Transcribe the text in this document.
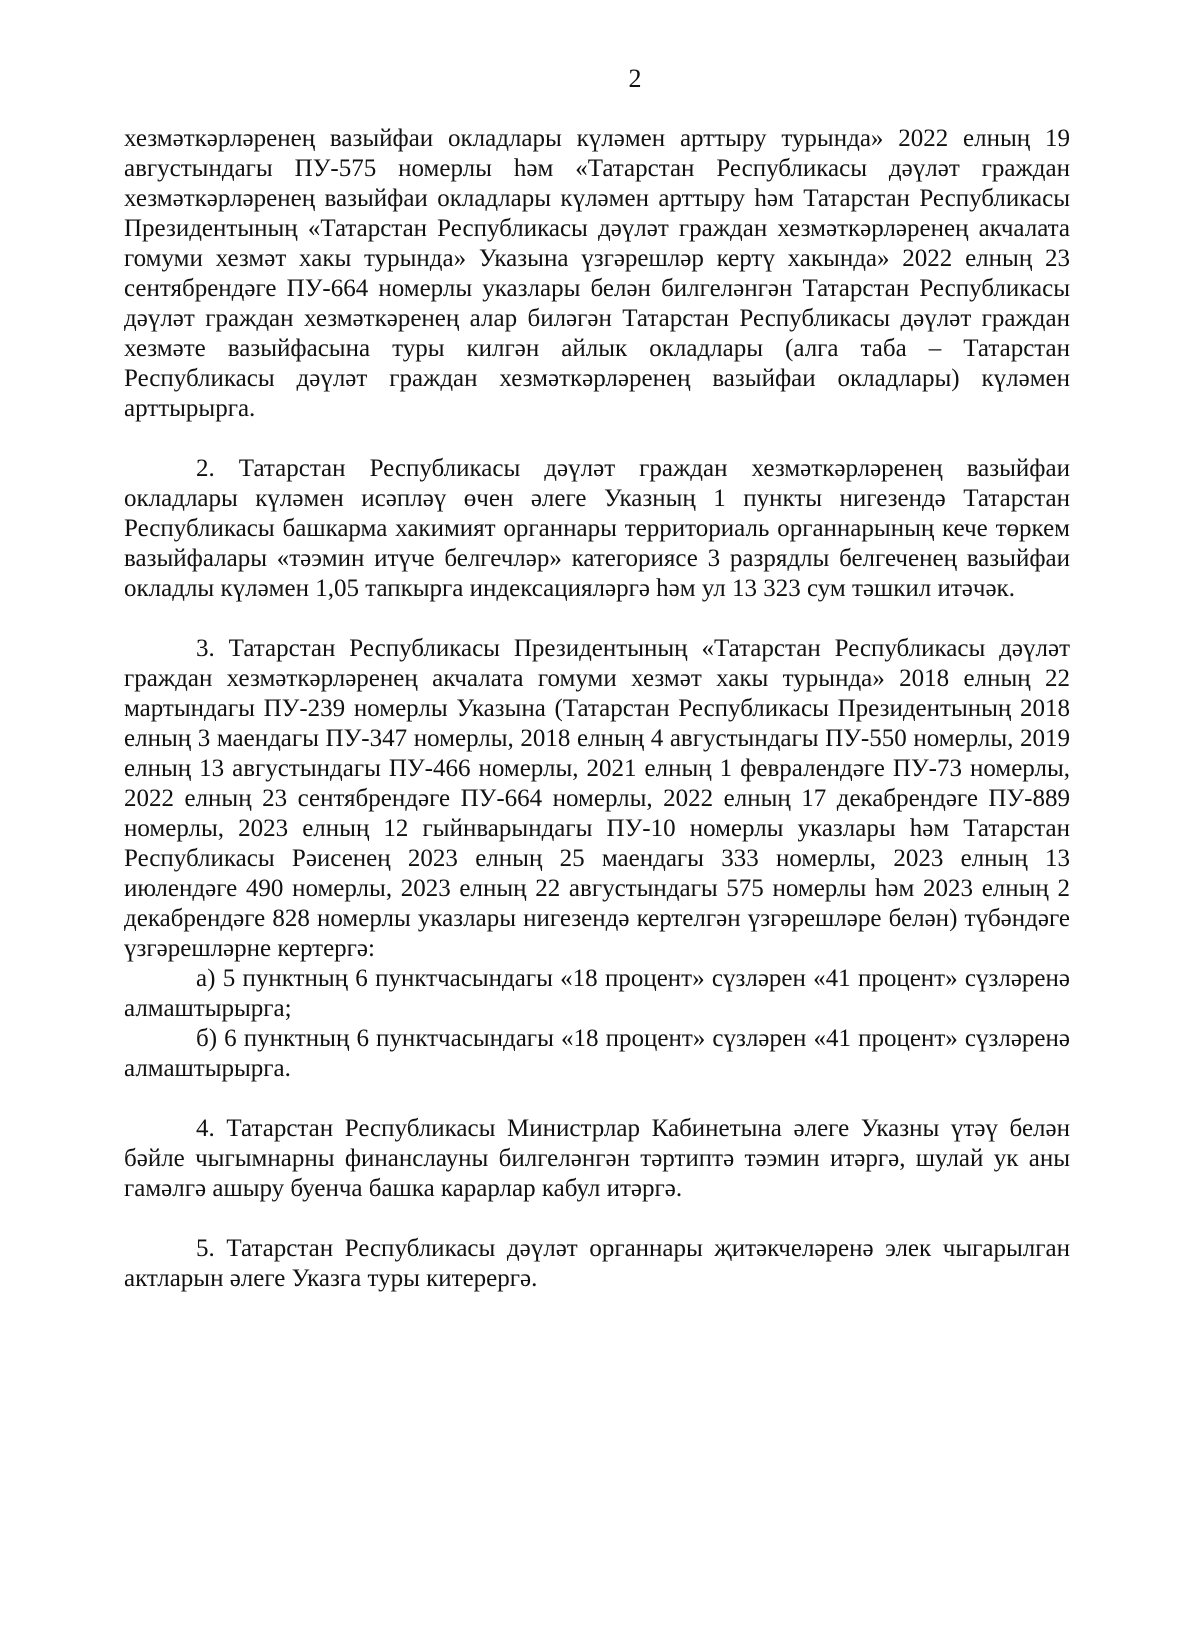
2

хезмәткәрләренең вазыйфаи окладлары күләмен арттыру турында» 2022 елның 19 августындагы ПУ-575 номерлы һәм «Татарстан Республикасы дәүләт граждан хезмәткәрләренең вазыйфаи окладлары күләмен арттыру һәм Татарстан Республикасы Президентының «Татарстан Республикасы дәүләт граждан хезмәткәрләренең акчалата гомуми хезмәт хакы турында» Указына үзгәрешләр кертү хакында» 2022 елның 23 сентябрендәге ПУ-664 номерлы указлары белән билгеләнгән Татарстан Республикасы дәүләт граждан хезмәткәренең алар биләгән Татарстан Республикасы дәүләт граждан хезмәте вазыйфасына туры килгән айлык окладлары (алга таба – Татарстан Республикасы дәүләт граждан хезмәткәрләренең вазыйфаи окладлары) күләмен арттырырга.

2. Татарстан Республикасы дәүләт граждан хезмәткәрләренең вазыйфаи окладлары күләмен исәпләү өчен әлеге Указның 1 пункты нигезендә Татарстан Республикасы башкарма хакимият органнары территориаль органнарының кече төркем вазыйфалары «тәэмин итүче белгечләр» категориясе 3 разрядлы белгеченең вазыйфаи окладлы күләмен 1,05 тапкырга индексацияләргә һәм ул 13 323 сум тәшкил итәчәк.

3. Татарстан Республикасы Президентының «Татарстан Республикасы дәүләт граждан хезмәткәрләренең акчалата гомуми хезмәт хакы турында» 2018 елның 22 мартындагы ПУ-239 номерлы Указына (Татарстан Республикасы Президентының 2018 елның 3 маендагы ПУ-347 номерлы, 2018 елның 4 августындагы ПУ-550 номерлы, 2019 елның 13 августындагы ПУ-466 номерлы, 2021 елның 1 февралендәге ПУ-73 номерлы, 2022 елның 23 сентябрендәге ПУ-664 номерлы, 2022 елның 17 декабрендәге ПУ-889 номерлы, 2023 елның 12 гыйнварындагы ПУ-10 номерлы указлары һәм Татарстан Республикасы Рәисенең 2023 елның 25 маендагы 333 номерлы, 2023 елның 13 июлендәге 490 номерлы, 2023 елның 22 августындагы 575 номерлы һәм 2023 елның 2 декабрендәге 828 номерлы указлары нигезендә кертелгән үзгәрешләре белән) түбәндәге үзгәрешләрне кертергә:

а) 5 пунктның 6 пунктчасындагы «18 процент» сүзләрен «41 процент» сүзләренә алмаштырырга;

б) 6 пунктның 6 пунктчасындагы «18 процент» сүзләрен «41 процент» сүзләренә алмаштырырга.

4. Татарстан Республикасы Министрлар Кабинетына әлеге Указны үтәү белән бәйле чыгымнарны финанслауны билгеләнгән тәртиптә тәэмин итәргә, шулай ук аны гамәлгә ашыру буенча башка карарлар кабул итәргә.

5. Татарстан Республикасы дәүләт органнары җитәкчеләренә элек чыгарылган актларын әлеге Указга туры китерергә.
